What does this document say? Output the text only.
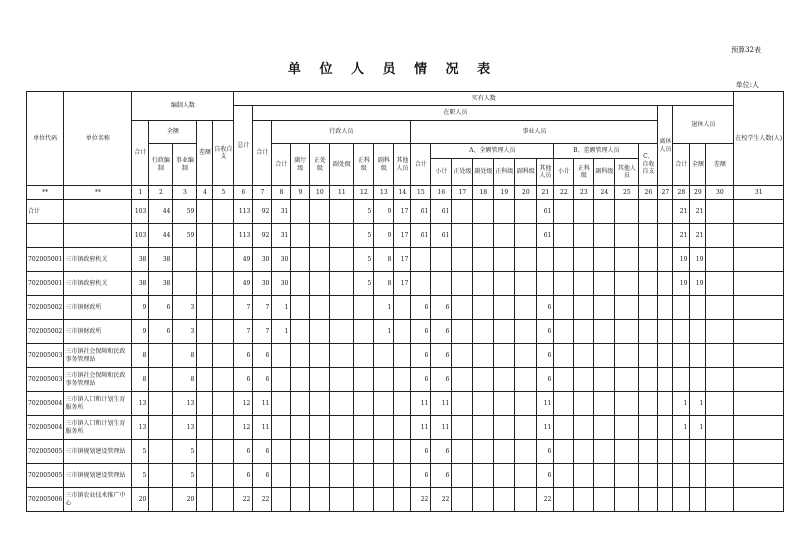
预算32表
单 位 人 员 情 况 表
单位:人
单位代码	单位名称	编制人数					实有人数																									在校学生人数(人)
							总计	在职人员																				离休人员	退休人员			
		合计	全额		差额	自收自支		合计	行政人员							事业人员																
			行政编制	事业编制					合计	副厅级	正处级	副处级	正科级	副科级	其他人员	合计	A、全额管理人员						B、差额管理人员				C、自收自支		合计	全额	差额	
																	小计	正处级	副处级	正科级	副科级	其他人员	小计	正科级	副科级	其他人员						
**	**	1	2	3	4	5	6	7	8	9	10	11	12	13	14	15	16	17	18	19	20	21	22	23	24	25	26	27	28	29	30	31
合计		103	44	59			113	92	31				5	9	17	61	61					61							21	21		
		103	44	59			113	92	31				5	9	17	61	61					61							21	21		
702005001	三市镇政府机关	38	38				49	30	30				5	8	17														19	19		
702005001	三市镇政府机关	38	38				49	30	30				5	8	17														19	19		
702005002	三市镇财政所	9	6	3			7	7	1					1		6	6					6										
702005002	三市镇财政所	9	6	3			7	7	1					1		6	6					6										
702005003	三市镇社会保障和民政事务管理站	8		8			6	6								6	6					6										
702005003	三市镇社会保障和民政事务管理站	8		8			6	6								6	6					6										
702005004	三市镇人口和计划生育服务所	13		13			12	11								11	11					11							1	1		
702005004	三市镇人口和计划生育服务所	13		13			12	11								11	11					11							1	1		
702005005	三市镇规划建设管理站	5		5			6	6								6	6					6										
702005005	三市镇规划建设管理站	5		5			6	6								6	6					6										
702005006	三市镇农业技术推广中心	20		20			22	22								22	22					22										
